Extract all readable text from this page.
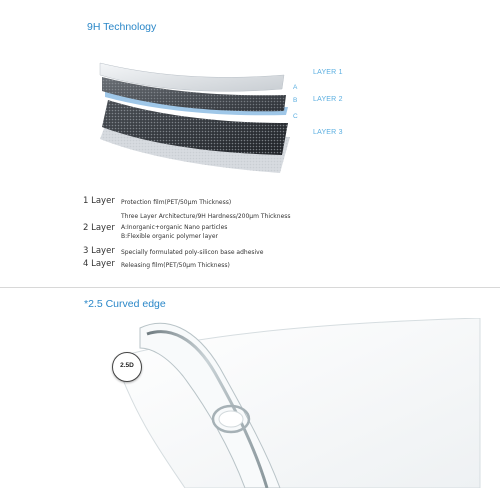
9H Technology
LAYER 1
A
LAYER 2
B
C
LAYER 3
1 Layer Protection film(PET/50μm Thickness)
2 Layer
Three Layer Architecture/9H Hardness/200μm Thickness
A:Inorganic+organic Nano particles
B:Flexible organic polymer layer
3 Layer Specially formulated poly-silicon base adhesive
4 Layer Releasing film(PET/50μm Thickness)
*2.5 Curved edge
2.5D
